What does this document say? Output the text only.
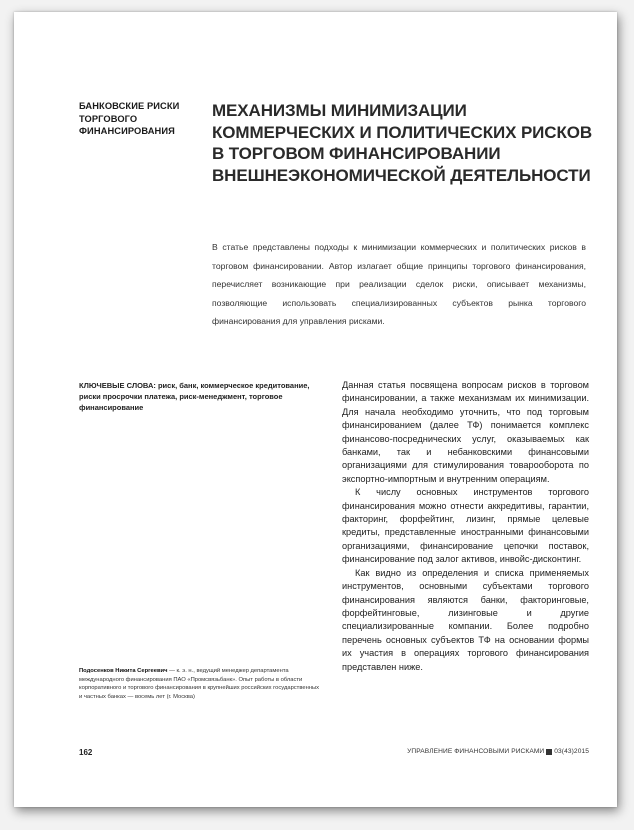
БАНКОВСКИЕ РИСКИ ТОРГОВОГО ФИНАНСИРОВАНИЯ
МЕХАНИЗМЫ МИНИМИЗАЦИИ КОММЕРЧЕСКИХ И ПОЛИТИЧЕСКИХ РИСКОВ В ТОРГОВОМ ФИНАНСИРОВАНИИ ВНЕШНЕЭКОНОМИЧЕСКОЙ ДЕЯТЕЛЬНОСТИ

В статье представлены подходы к минимизации коммерческих и политических рисков в торговом финансировании. Автор излагает общие принципы торгового финансирования, перечисляет возникающие при реализации сделок риски, описывает механизмы, позволяющие использовать специализированных субъектов рынка торгового финансирования для управления рисками.

КЛЮЧЕВЫЕ СЛОВА: риск, банк, коммерческое кредитование, риски просрочки платежа, риск-менеджмент, торговое финансирование

Данная статья посвящена вопросам рисков в торговом финансировании, а также механизмам их минимизации. Для начала необходимо уточнить, что под торговым финансированием (далее ТФ) понимается комплекс финансово-посреднических услуг, оказываемых как банками, так и небанковскими финансовыми организациями для стимулирования товарооборота по экспортно-импортным и внутренним операциям.

К числу основных инструментов торгового финансирования можно отнести аккредитивы, гарантии, факторинг, форфейтинг, лизинг, прямые целевые кредиты, представленные иностранными финансовыми организациями, финансирование цепочки поставок, финансирование под залог активов, инвойс-дисконтинг.

Как видно из определения и списка применяемых инструментов, основными субъектами торгового финансирования являются банки, факторинговые, форфейтинговые, лизинговые и другие специализированные компании. Более подробно перечень основных субъектов ТФ на основании формы их участия в операциях торгового финансирования представлен ниже.

Подосенков Никита Сергеевич — к. э. н., ведущий менеджер департамента международного финансирования ПАО «Промсвязьбанк». Опыт работы в области корпоративного и торгового финансирования в крупнейших российских государственных и частных банках — восемь лет (г. Москва)

162	УПРАВЛЕНИЕ ФИНАНСОВЫМИ РИСКАМИ 03(43)2015
